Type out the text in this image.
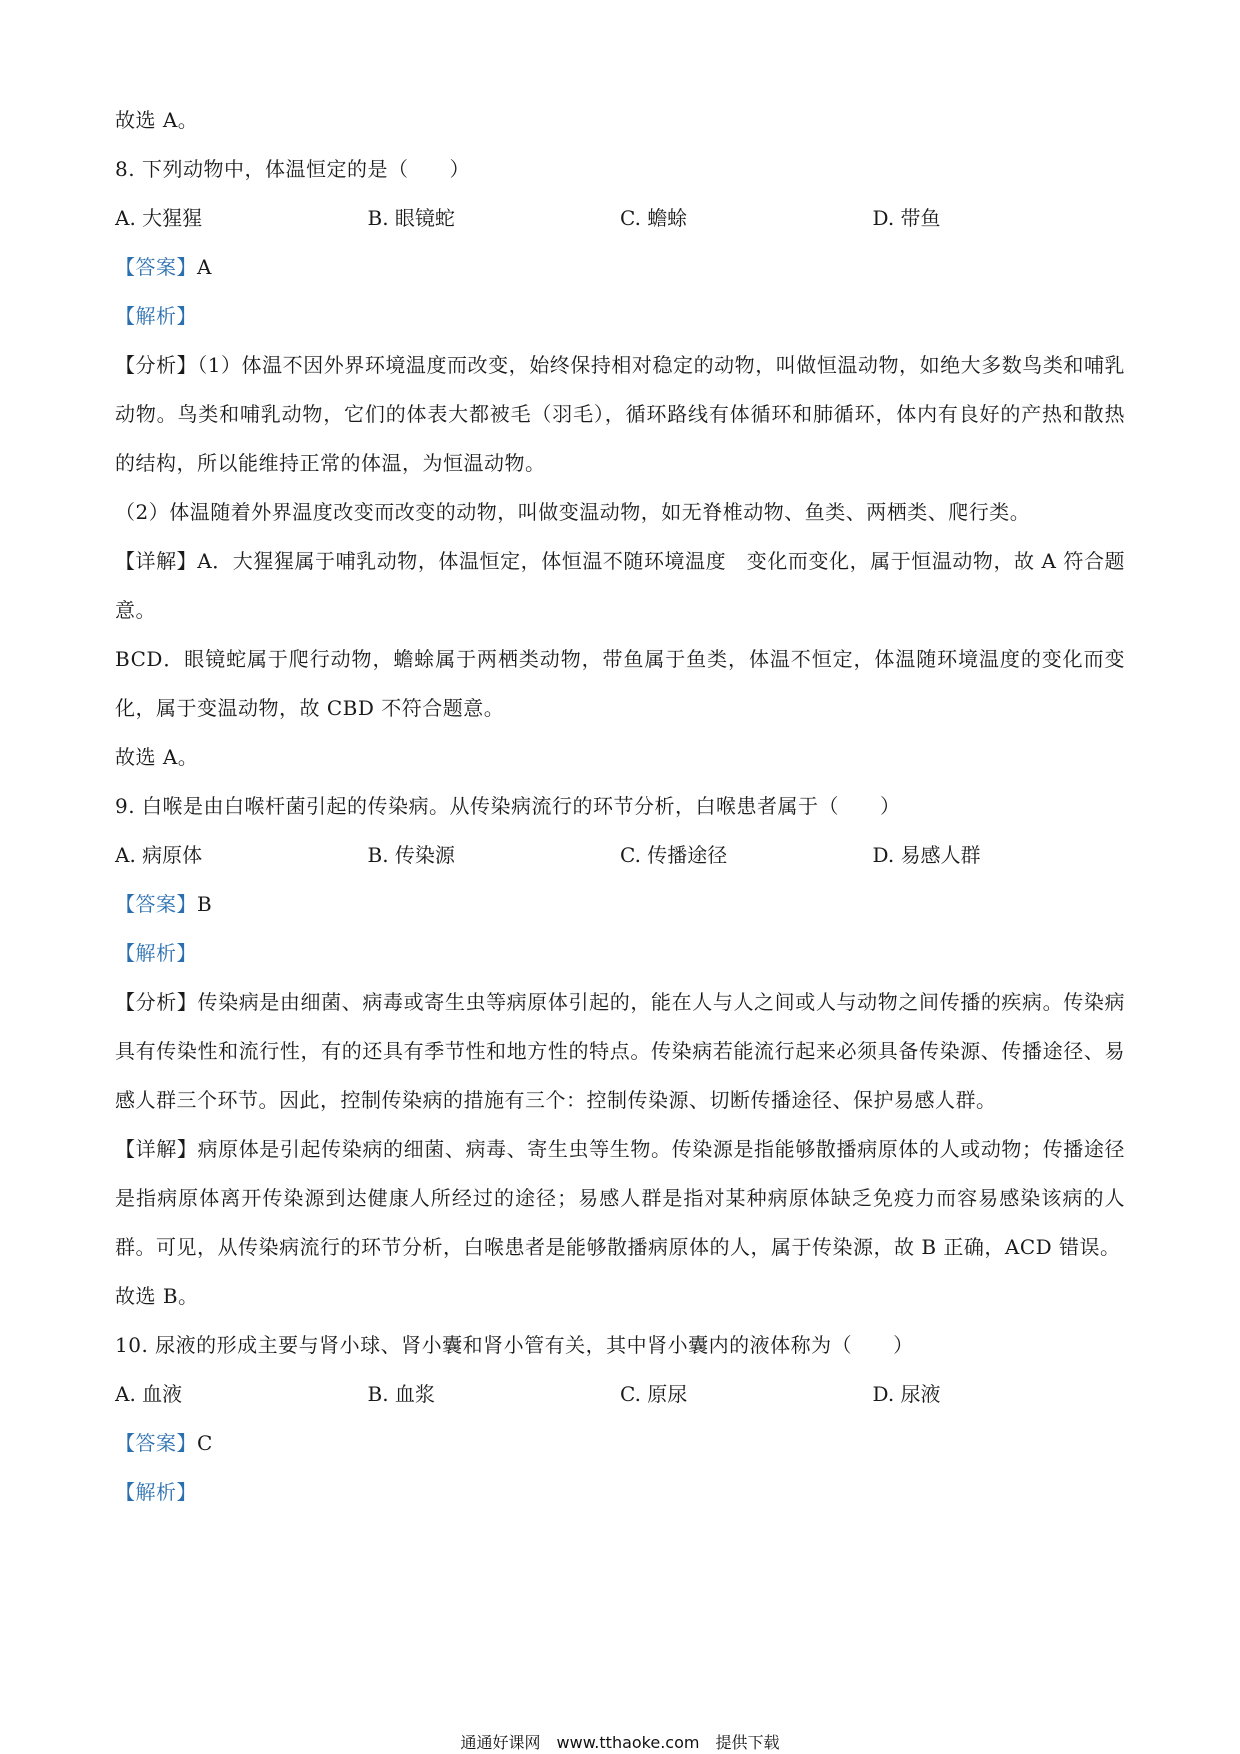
故选 A。
8. 下列动物中，体温恒定的是（　　）
A. 大猩猩	B. 眼镜蛇	C. 蟾蜍	D. 带鱼
【答案】A
【解析】
【分析】（1）体温不因外界环境温度而改变，始终保持相对稳定的动物，叫做恒温动物，如绝大多数鸟类和哺乳动物。鸟类和哺乳动物，它们的体表大都被毛（羽毛），循环路线有体循环和肺循环，体内有良好的产热和散热的结构，所以能维持正常的体温，为恒温动物。
（2）体温随着外界温度改变而改变的动物，叫做变温动物，如无脊椎动物、鱼类、两栖类、爬行类。
【详解】A．大猩猩属于哺乳动物，体温恒定，体恒温不随环境温度　变化而变化，属于恒温动物，故 A 符合题意。
BCD．眼镜蛇属于爬行动物，蟾蜍属于两栖类动物，带鱼属于鱼类，体温不恒定，体温随环境温度的变化而变化，属于变温动物，故 CBD 不符合题意。
故选 A。
9. 白喉是由白喉杆菌引起的传染病。从传染病流行的环节分析，白喉患者属于（　　）
A. 病原体	B. 传染源	C. 传播途径	D. 易感人群
【答案】B
【解析】
【分析】传染病是由细菌、病毒或寄生虫等病原体引起的，能在人与人之间或人与动物之间传播的疾病。传染病具有传染性和流行性，有的还具有季节性和地方性的特点。传染病若能流行起来必须具备传染源、传播途径、易感人群三个环节。因此，控制传染病的措施有三个：控制传染源、切断传播途径、保护易感人群。
【详解】病原体是引起传染病的细菌、病毒、寄生虫等生物。传染源是指能够散播病原体的人或动物；传播途径是指病原体离开传染源到达健康人所经过的途径；易感人群是指对某种病原体缺乏免疫力而容易感染该病的人群。可见，从传染病流行的环节分析，白喉患者是能够散播病原体的人，属于传染源，故 B 正确，ACD 错误。
故选 B。
10. 尿液的形成主要与肾小球、肾小囊和肾小管有关，其中肾小囊内的液体称为（　　）
A. 血液	B. 血浆	C. 原尿	D. 尿液
【答案】C
【解析】
通通好课网　www.tthaoke.com　提供下载
